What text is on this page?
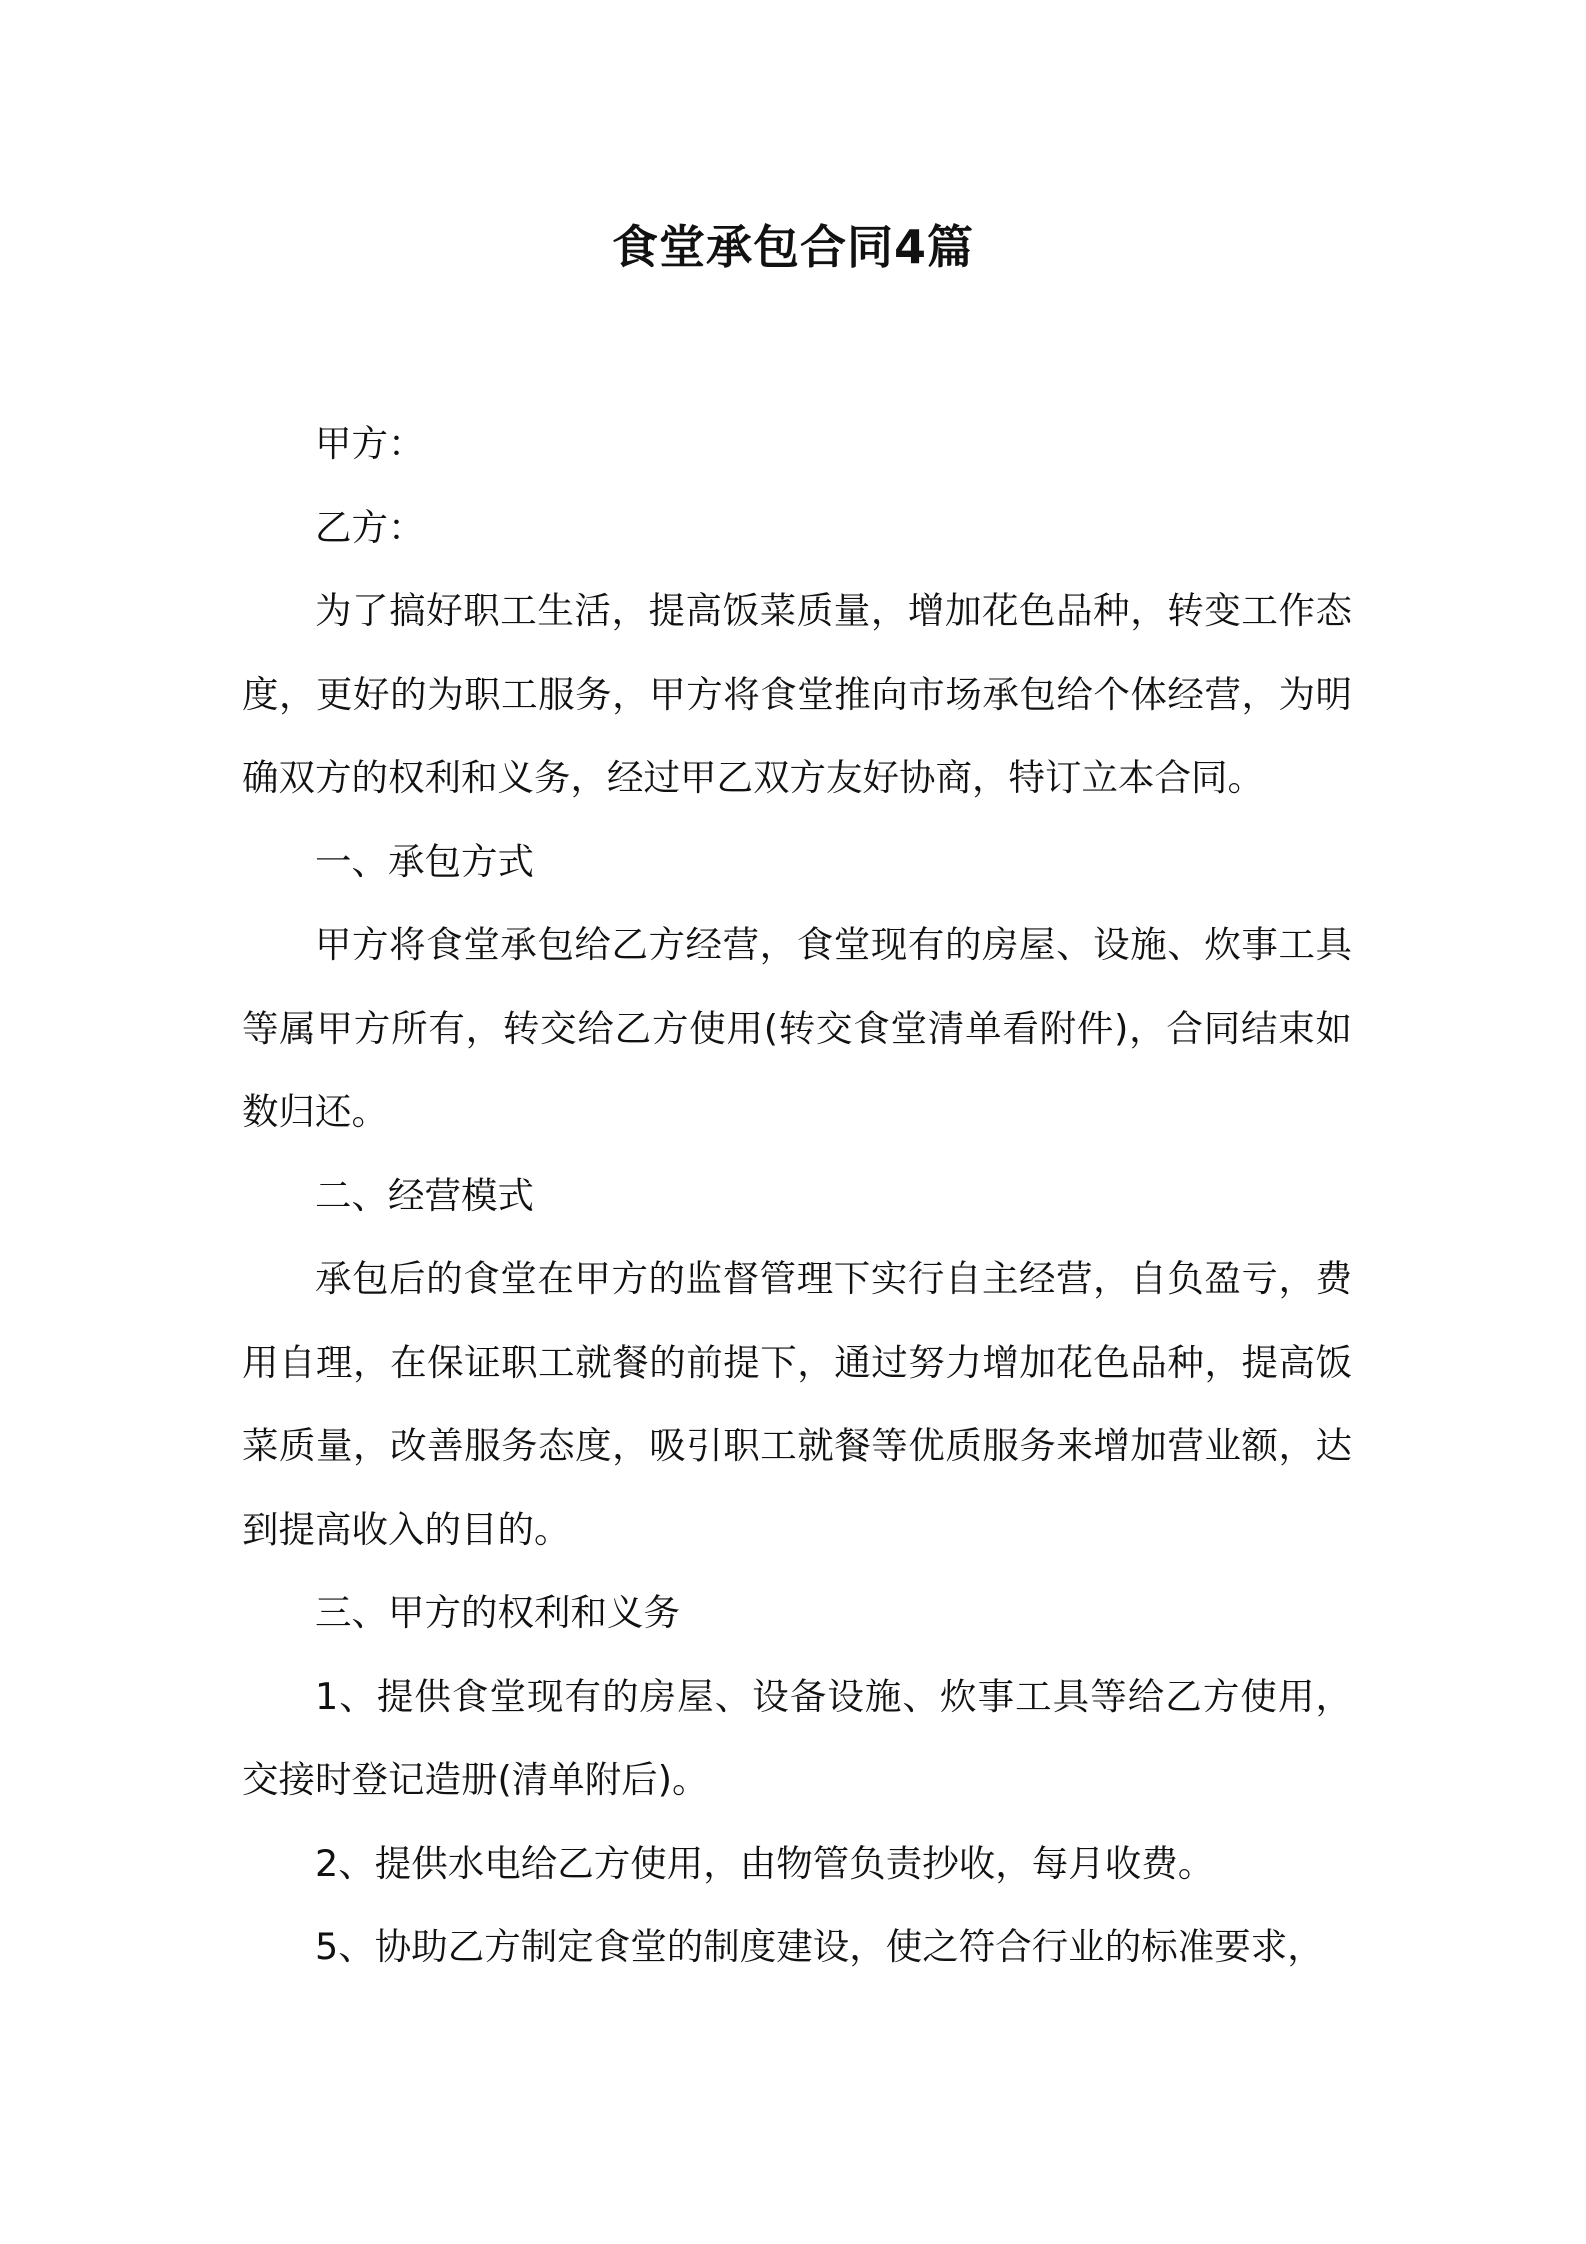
食堂承包合同4篇

甲方：

乙方：

为了搞好职工生活，提高饭菜质量，增加花色品种，转变工作态度，更好的为职工服务，甲方将食堂推向市场承包给个体经营，为明确双方的权利和义务，经过甲乙双方友好协商，特订立本合同。

一、承包方式

甲方将食堂承包给乙方经营，食堂现有的房屋、设施、炊事工具等属甲方所有，转交给乙方使用(转交食堂清单看附件)，合同结束如数归还。

二、经营模式

承包后的食堂在甲方的监督管理下实行自主经营，自负盈亏，费用自理，在保证职工就餐的前提下，通过努力增加花色品种，提高饭菜质量，改善服务态度，吸引职工就餐等优质服务来增加营业额，达到提高收入的目的。

三、甲方的权利和义务

1、提供食堂现有的房屋、设备设施、炊事工具等给乙方使用，交接时登记造册(清单附后)。

2、提供水电给乙方使用，由物管负责抄收，每月收费。

5、协助乙方制定食堂的制度建设，使之符合行业的标准要求，
